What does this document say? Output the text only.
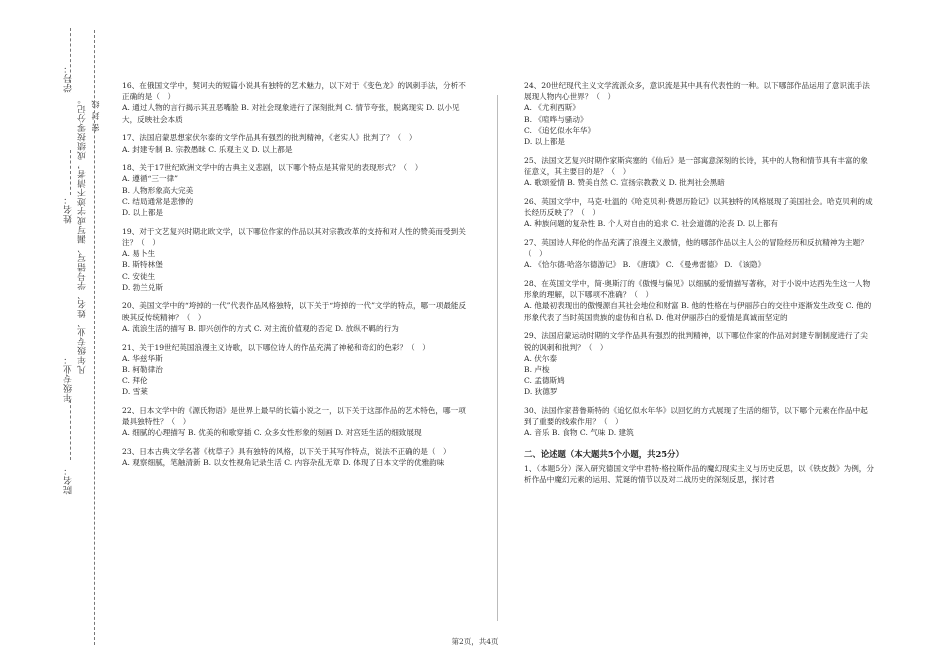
学号：
姓名：
年级专业：
院名：
凡年级专业、姓名、学号错写、漏写或字迹不清者，成绩按零分记。 密 封 线

16、在俄国文学中，契诃夫的短篇小说具有独特的艺术魅力，以下对于《变色龙》的讽刺手法，分析不正确的是（　）

A. 通过人物的言行揭示其丑恶嘴脸 B. 对社会现象进行了深刻批判 C. 情节夸张，脱离现实 D. 以小见大，反映社会本质

17、法国启蒙思想家伏尔泰的文学作品具有强烈的批判精神，《老实人》批判了？（　）

A. 封建专制 B. 宗教愚昧 C. 乐观主义 D. 以上都是

18、关于17世纪欧洲文学中的古典主义悲剧，以下哪个特点是其常见的表现形式？（　）

A. 遵循“三一律”

B. 人物形象高大完美

C. 结局通常是悲惨的

D. 以上都是

19、对于文艺复兴时期北欧文学，以下哪位作家的作品以其对宗教改革的支持和对人性的赞美而受到关注？（　）

A. 易卜生

B. 斯特林堡

C. 安徒生

D. 勃兰兑斯

20、美国文学中的“垮掉的一代”代表作品风格独特，以下关于“垮掉的一代”文学的特点，哪一项最能反映其反传统精神？（　）

A. 流浪生活的描写 B. 即兴创作的方式 C. 对主流价值观的否定 D. 放纵不羁的行为

21、关于19世纪英国浪漫主义诗歌，以下哪位诗人的作品充满了神秘和奇幻的色彩？（　）

A. 华兹华斯

B. 柯勒律治

C. 拜伦

D. 雪莱

22、日本文学中的《源氏物语》是世界上最早的长篇小说之一，以下关于这部作品的艺术特色，哪一项最具独特性？（　）

A. 细腻的心理描写 B. 优美的和歌穿插 C. 众多女性形象的刻画 D. 对宫廷生活的细致展现

23、日本古典文学名著《枕草子》具有独特的风格，以下关于其写作特点，说法不正确的是（　）

A. 观察细腻，笔触清新 B. 以女性视角记录生活 C. 内容杂乱无章 D. 体现了日本文学的优雅韵味

24、20世纪现代主义文学流派众多，意识流是其中具有代表性的一种。以下哪部作品运用了意识流手法展现人物内心世界？（　）

A. 《尤利西斯》

B. 《喧哗与骚动》

C. 《追忆似水年华》

D. 以上都是

25、法国文艺复兴时期作家斯宾塞的《仙后》是一部寓意深刻的长诗，其中的人物和情节具有丰富的象征意义，其主要目的是？（　）

A. 歌颂爱情 B. 赞美自然 C. 宣扬宗教教义 D. 批判社会黑暗

26、英国文学中，马克·吐温的《哈克贝利·费恩历险记》以其独特的风格展现了美国社会。哈克贝利的成长经历反映了？（　）

A. 种族问题的复杂性 B. 个人对自由的追求 C. 社会道德的沦丧 D. 以上都有

27、英国诗人拜伦的作品充满了浪漫主义激情，他的哪部作品以主人公的冒险经历和反抗精神为主题？（　）

A. 《恰尔德·哈洛尔德游记》 B. 《唐璜》 C. 《曼弗雷德》 D. 《该隐》

28、在英国文学中，简·奥斯汀的《傲慢与偏见》以细腻的爱情描写著称，对于小说中达西先生这一人物形象的理解，以下哪项不准确？（　）

A. 他最初表现出的傲慢源自其社会地位和财富 B. 他的性格在与伊丽莎白的交往中逐渐发生改变 C. 他的形象代表了当时英国贵族的虚伪和自私 D. 他对伊丽莎白的爱情是真诚而坚定的

29、法国启蒙运动时期的文学作品具有强烈的批判精神，以下哪位作家的作品对封建专制制度进行了尖锐的讽刺和批判？（　）

A. 伏尔泰

B. 卢梭

C. 孟德斯鸠

D. 狄德罗

30、法国作家普鲁斯特的《追忆似水年华》以回忆的方式展现了生活的细节，以下哪个元素在作品中起到了重要的线索作用？（　）

A. 音乐 B. 食物 C. 气味 D. 建筑

二、论述题（本大题共5个小题，共25分）

1、（本题5分）深入研究德国文学中君特·格拉斯作品的魔幻现实主义与历史反思，以《铁皮鼓》为例，分析作品中魔幻元素的运用、荒诞的情节以及对二战历史的深刻反思，探讨君

第2页，共4页
